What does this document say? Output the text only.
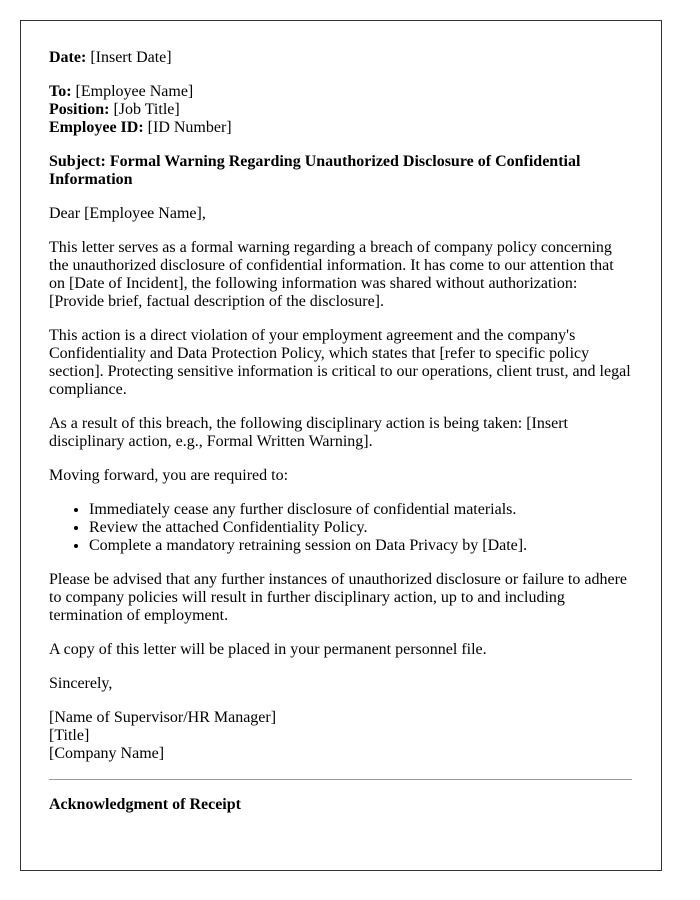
Date: [Insert Date]

To: [Employee Name]
Position: [Job Title]
Employee ID: [ID Number]

Subject: Formal Warning Regarding Unauthorized Disclosure of Confidential Information

Dear [Employee Name],

This letter serves as a formal warning regarding a breach of company policy concerning the unauthorized disclosure of confidential information. It has come to our attention that on [Date of Incident], the following information was shared without authorization: [Provide brief, factual description of the disclosure].

This action is a direct violation of your employment agreement and the company's Confidentiality and Data Protection Policy, which states that [refer to specific policy section]. Protecting sensitive information is critical to our operations, client trust, and legal compliance.

As a result of this breach, the following disciplinary action is being taken: [Insert disciplinary action, e.g., Formal Written Warning].

Moving forward, you are required to:

• Immediately cease any further disclosure of confidential materials.
• Review the attached Confidentiality Policy.
• Complete a mandatory retraining session on Data Privacy by [Date].

Please be advised that any further instances of unauthorized disclosure or failure to adhere to company policies will result in further disciplinary action, up to and including termination of employment.

A copy of this letter will be placed in your permanent personnel file.

Sincerely,

[Name of Supervisor/HR Manager]
[Title]
[Company Name]

Acknowledgment of Receipt
